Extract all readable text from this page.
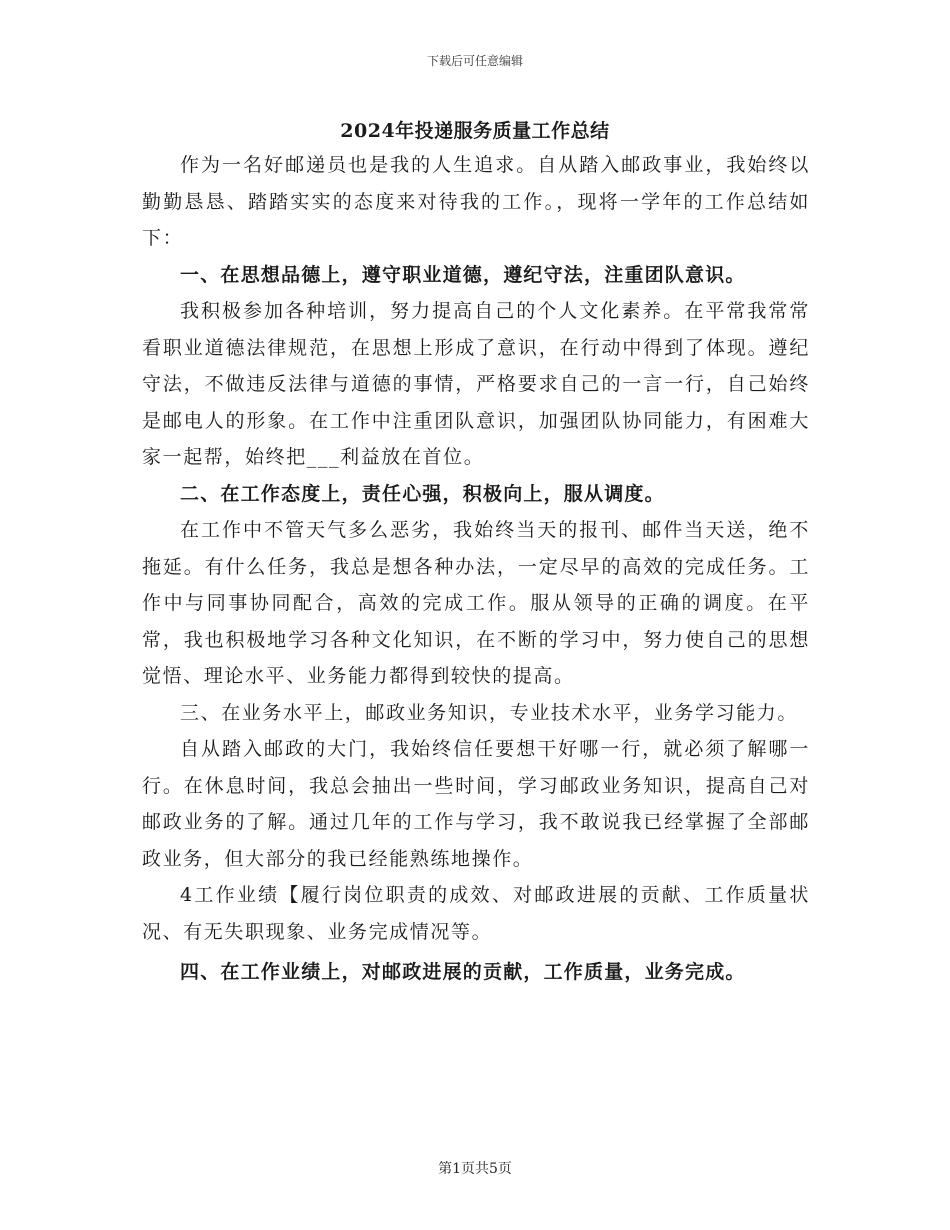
下载后可任意编辑
2024年投递服务质量工作总结

作为一名好邮递员也是我的人生追求。自从踏入邮政事业，我始终以勤勤恳恳、踏踏实实的态度来对待我的工作。，现将一学年的工作总结如下：

一、在思想品德上，遵守职业道德，遵纪守法，注重团队意识。

我积极参加各种培训，努力提高自己的个人文化素养。在平常我常常看职业道德法律规范，在思想上形成了意识，在行动中得到了体现。遵纪守法，不做违反法律与道德的事情，严格要求自己的一言一行，自己始终是邮电人的形象。在工作中注重团队意识，加强团队协同能力，有困难大家一起帮，始终把___利益放在首位。

二、在工作态度上，责任心强，积极向上，服从调度。

在工作中不管天气多么恶劣，我始终当天的报刊、邮件当天送，绝不拖延。有什么任务，我总是想各种办法，一定尽早的高效的完成任务。工作中与同事协同配合，高效的完成工作。服从领导的正确的调度。在平常，我也积极地学习各种文化知识，在不断的学习中，努力使自己的思想觉悟、理论水平、业务能力都得到较快的提高。

三、在业务水平上，邮政业务知识，专业技术水平，业务学习能力。

自从踏入邮政的大门，我始终信任要想干好哪一行，就必须了解哪一行。在休息时间，我总会抽出一些时间，学习邮政业务知识，提高自己对邮政业务的了解。通过几年的工作与学习，我不敢说我已经掌握了全部邮政业务，但大部分的我已经能熟练地操作。

4工作业绩【履行岗位职责的成效、对邮政进展的贡献、工作质量状况、有无失职现象、业务完成情况等。

四、在工作业绩上，对邮政进展的贡献，工作质量，业务完成。

第1页共5页
